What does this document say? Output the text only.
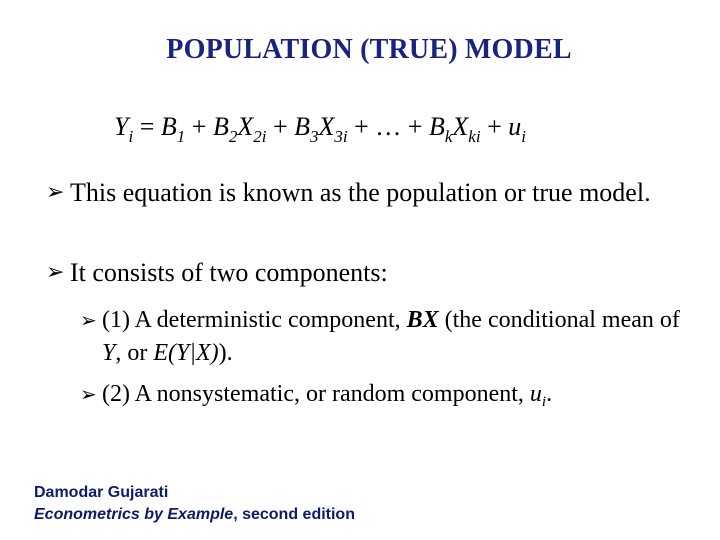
POPULATION (TRUE) MODEL
$Y_i = B_1 + B_2X_{2i} + B_3X_{3i}$ + … + $B_kX_{ki} + u_i$
➢ This equation is known as the population or true model.
➢ It consists of two components:
➢ (1) A deterministic component, BX (the conditional mean of Y, or E(Y|X)).
➢ (2) A nonsystematic, or random component, $u_i$.
Damodar Gujarati
Econometrics by Example, second edition
